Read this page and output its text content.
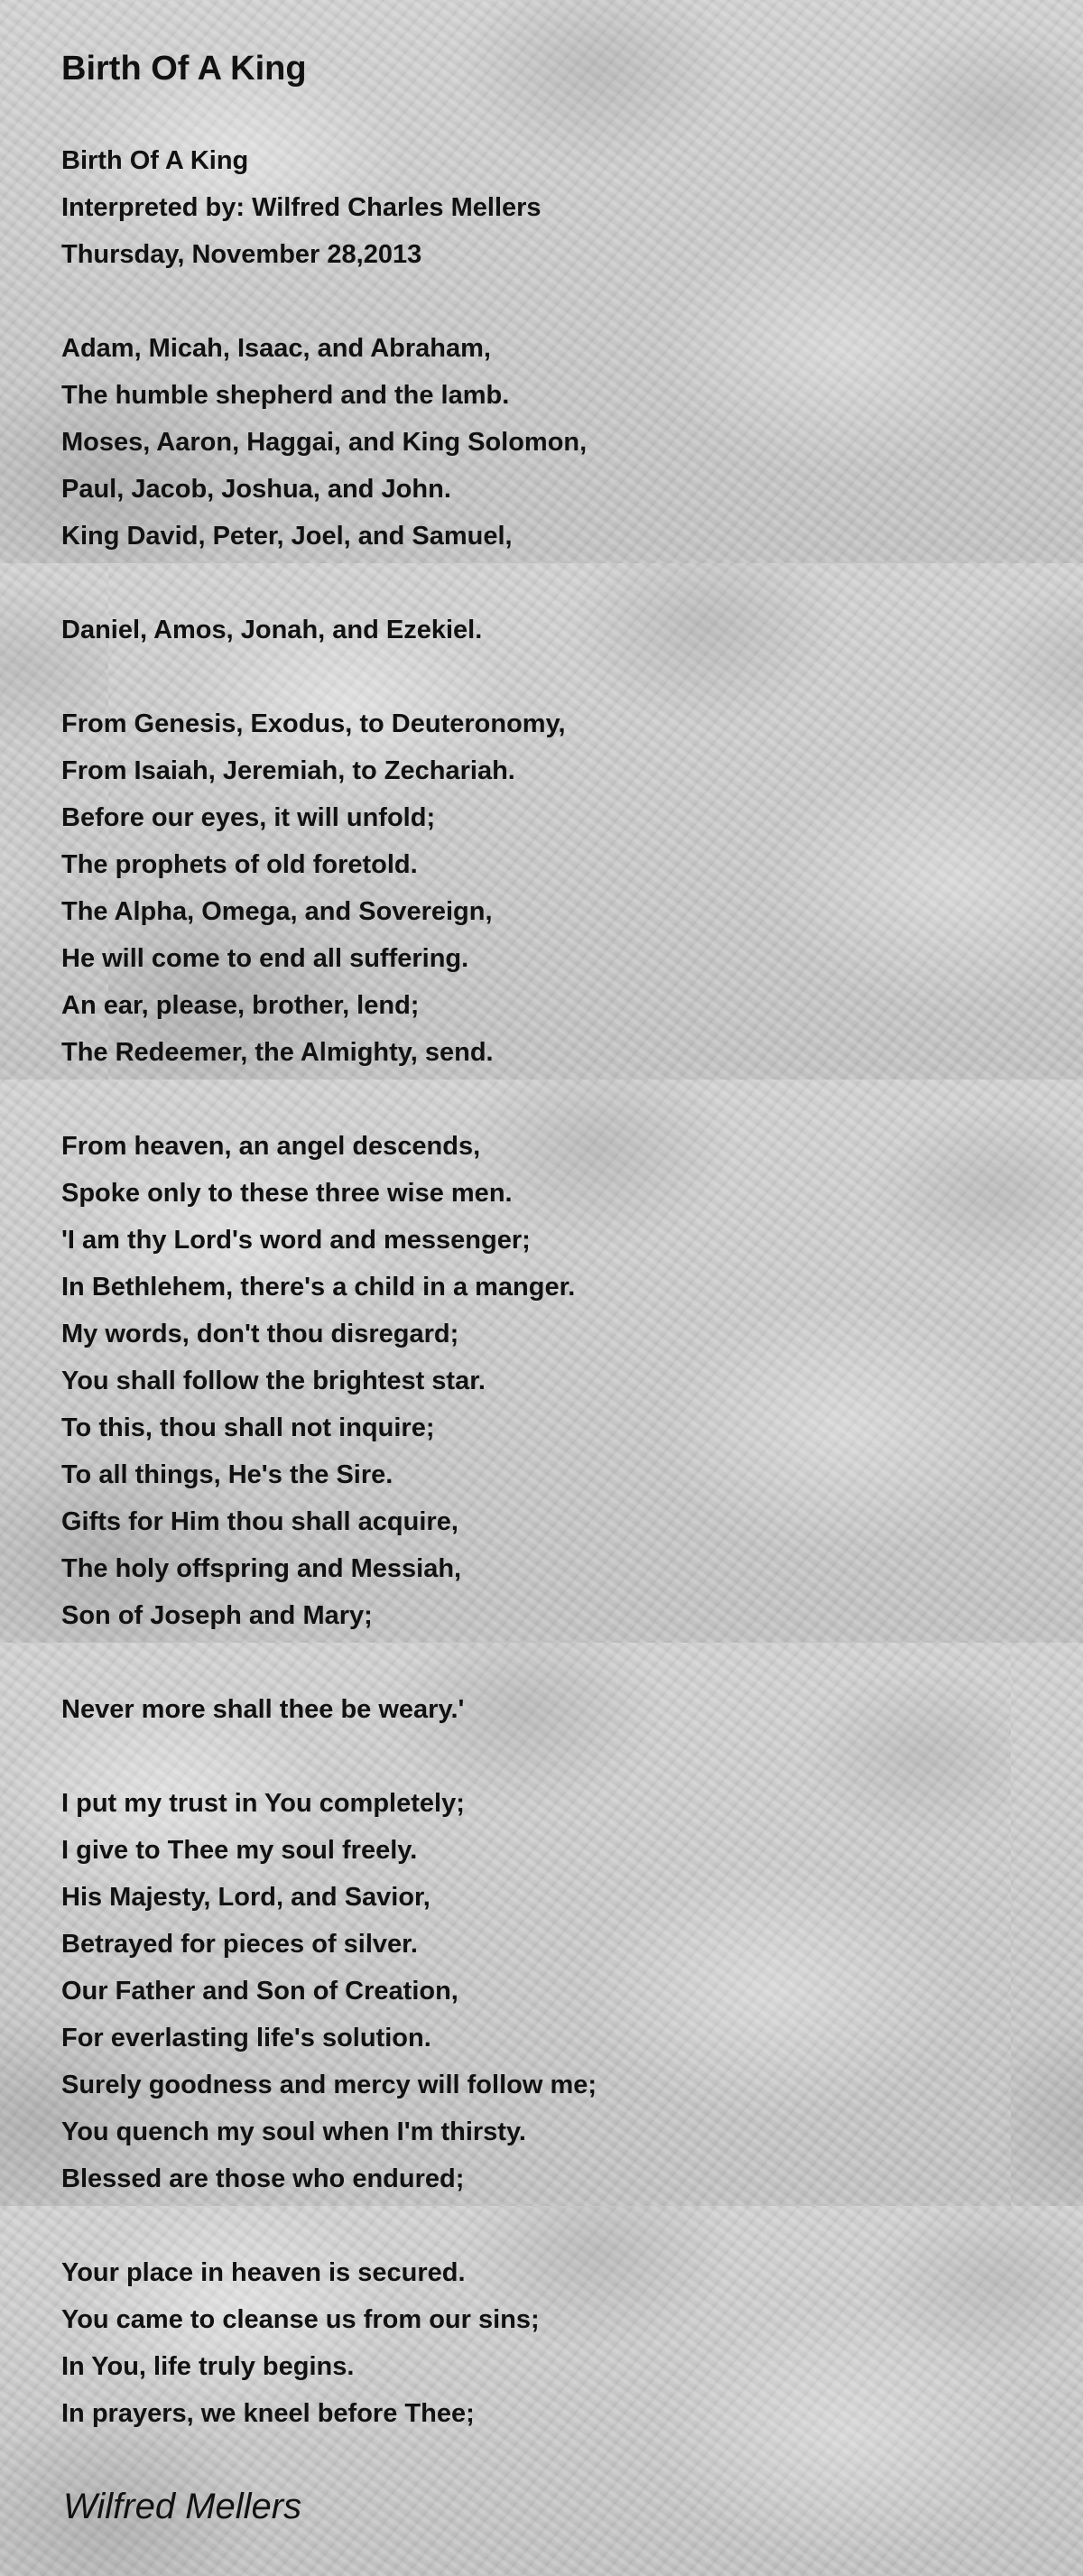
Birth Of A King
Birth Of A King
Interpreted by: Wilfred Charles Mellers
Thursday, November 28,2013
Adam, Micah, Isaac, and Abraham,
The humble shepherd and the lamb.
Moses, Aaron, Haggai, and King Solomon,
Paul, Jacob, Joshua, and John.
King David, Peter, Joel, and Samuel,
Daniel, Amos, Jonah, and Ezekiel.
From Genesis, Exodus, to Deuteronomy,
From Isaiah, Jeremiah, to Zechariah.
Before our eyes, it will unfold;
The prophets of old foretold.
The Alpha, Omega, and Sovereign,
He will come to end all suffering.
An ear, please, brother, lend;
The Redeemer, the Almighty, send.
From heaven, an angel descends,
Spoke only to these three wise men.
'I am thy Lord's word and messenger;
In Bethlehem, there's a child in a manger.
My words, don't thou disregard;
You shall follow the brightest star.
To this, thou shall not inquire;
To all things, He's the Sire.
Gifts for Him thou shall acquire,
The holy offspring and Messiah,
Son of Joseph and Mary;
Never more shall thee be weary.'
I put my trust in You completely;
I give to Thee my soul freely.
His Majesty, Lord, and Savior,
Betrayed for pieces of silver.
Our Father and Son of Creation,
For everlasting life's solution.
Surely goodness and mercy will follow me;
You quench my soul when I'm thirsty.
Blessed are those who endured;
Your place in heaven is secured.
You came to cleanse us from our sins;
In You, life truly begins.
In prayers, we kneel before Thee;
Wilfred Mellers
